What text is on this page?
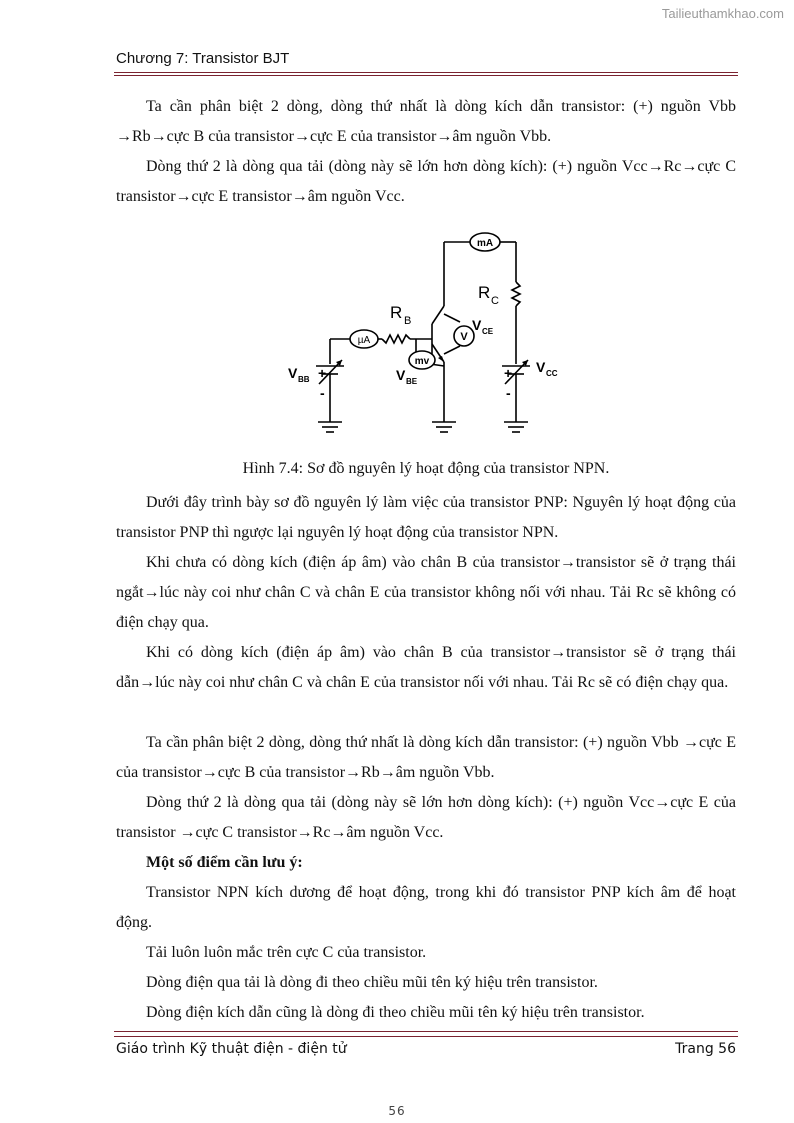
Tailieuthamkhao.com
Chương 7: Transistor BJT

Ta cần phân biệt 2 dòng, dòng thứ nhất là dòng kích dẫn transistor: (+) nguồn Vbb →Rb→cực B của transistor→cực E của transistor→âm nguồn Vbb.

Dòng thứ 2 là dòng qua tải (dòng này sẽ lớn hơn dòng kích): (+) nguồn Vcc→Rc→cực C transistor→cực E transistor→âm nguồn Vcc.

mA
µA	V
mv
R C
R B	V CE
V BE
V BB
V CC
+
-
+
-
Hình 7.4: Sơ đồ nguyên lý hoạt động của transistor NPN.

Dưới đây trình bày sơ đồ nguyên lý làm việc của transistor PNP: Nguyên lý hoạt động của transistor PNP thì ngược lại nguyên lý hoạt động của transistor NPN.

Khi chưa có dòng kích (điện áp âm) vào chân B của transistor→transistor sẽ ở trạng thái ngắt→lúc này coi như chân C và chân E của transistor không nối với nhau. Tải Rc sẽ không có điện chạy qua.

Khi có dòng kích (điện áp âm) vào chân B của transistor→transistor sẽ ở trạng thái dẫn→lúc này coi như chân C và chân E của transistor nối với nhau. Tải Rc sẽ có điện chạy qua.

Ta cần phân biệt 2 dòng, dòng thứ nhất là dòng kích dẫn transistor: (+) nguồn Vbb →cực E của transistor→cực B của transistor→Rb→âm nguồn Vbb.

Dòng thứ 2 là dòng qua tải (dòng này sẽ lớn hơn dòng kích): (+) nguồn Vcc→cực E của transistor →cực C transistor→Rc→âm nguồn Vcc.

Một số điểm cần lưu ý:

Transistor NPN kích dương để hoạt động, trong khi đó transistor PNP kích âm để hoạt động.

Tải luôn luôn mắc trên cực C của transistor.

Dòng điện qua tải là dòng đi theo chiều mũi tên ký hiệu trên transistor.

Dòng điện kích dẫn cũng là dòng đi theo chiều mũi tên ký hiệu trên transistor.

Giáo trình Kỹ thuật điện - điện tử	Trang 56
56
